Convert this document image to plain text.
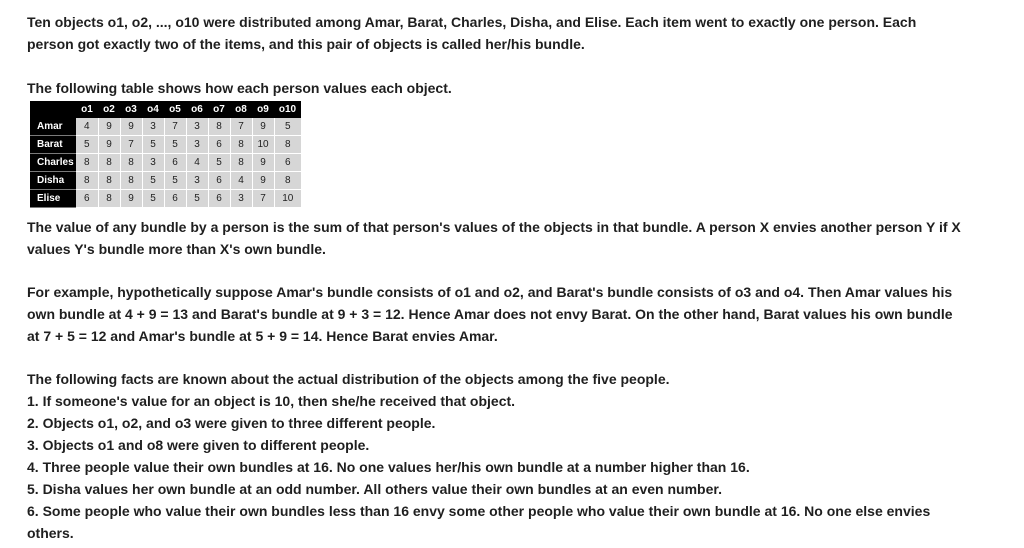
Ten objects o1, o2, ..., o10 were distributed among Amar, Barat, Charles, Disha, and Elise. Each item went to exactly one person. Each
person got exactly two of the items, and this pair of objects is called her/his bundle.

The following table shows how each person values each object.

	o1	o2	o3	o4	o5	o6	o7	o8	o9	o10
Amar	4	9	9	3	7	3	8	7	9	5
Barat	5	9	7	5	5	3	6	8	10	8
Charles	8	8	8	3	6	4	5	8	9	6
Disha	8	8	8	5	5	3	6	4	9	8
Elise	6	8	9	5	6	5	6	3	7	10

The value of any bundle by a person is the sum of that person's values of the objects in that bundle. A person X envies another person Y if X
values Y's bundle more than X's own bundle.

For example, hypothetically suppose Amar's bundle consists of o1 and o2, and Barat's bundle consists of o3 and o4. Then Amar values his
own bundle at 4 + 9 = 13 and Barat's bundle at 9 + 3 = 12. Hence Amar does not envy Barat. On the other hand, Barat values his own bundle
at 7 + 5 = 12 and Amar's bundle at 5 + 9 = 14. Hence Barat envies Amar.

The following facts are known about the actual distribution of the objects among the five people.
1. If someone's value for an object is 10, then she/he received that object.
2. Objects o1, o2, and o3 were given to three different people.
3. Objects o1 and o8 were given to different people.
4. Three people value their own bundles at 16. No one values her/his own bundle at a number higher than 16.
5. Disha values her own bundle at an odd number. All others value their own bundles at an even number.
6. Some people who value their own bundles less than 16 envy some other people who value their own bundle at 16. No one else envies
others.
